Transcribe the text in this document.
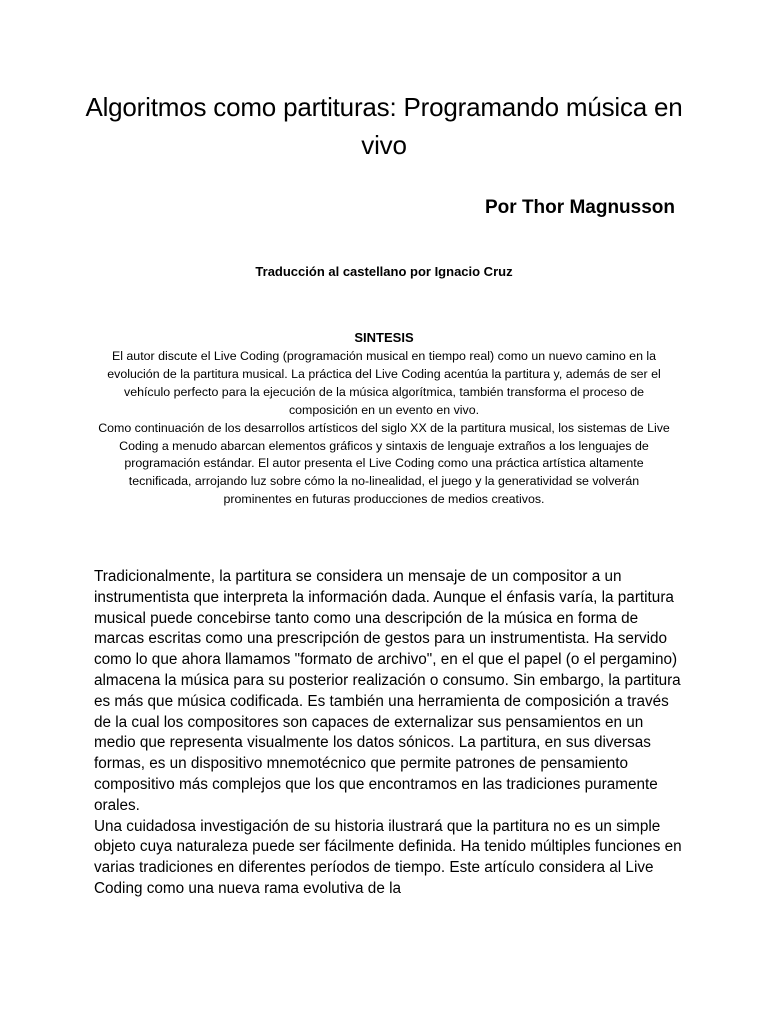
Algoritmos como partituras: Programando música en vivo

Por Thor Magnusson

Traducción al castellano por Ignacio Cruz

SINTESIS

El autor discute el Live Coding (programación musical en tiempo real) como un nuevo camino en la evolución de la partitura musical. La práctica del Live Coding acentúa la partitura y, además de ser el vehículo perfecto para la ejecución de la música algorítmica, también transforma el proceso de composición en un evento en vivo.

Como continuación de los desarrollos artísticos del siglo XX de la partitura musical, los sistemas de Live Coding a menudo abarcan elementos gráficos y sintaxis de lenguaje extraños a los lenguajes de programación estándar. El autor presenta el Live Coding como una práctica artística altamente tecnificada, arrojando luz sobre cómo la no-linealidad, el juego y la generatividad se volverán prominentes en futuras producciones de medios creativos.

Tradicionalmente, la partitura se considera un mensaje de un compositor a un instrumentista que interpreta la información dada. Aunque el énfasis varía, la partitura musical puede concebirse tanto como una descripción de la música en forma de marcas escritas como una prescripción de gestos para un instrumentista. Ha servido como lo que ahora llamamos "formato de archivo", en el que el papel (o el pergamino) almacena la música para su posterior realización o consumo. Sin embargo, la partitura es más que música codificada. Es también una herramienta de composición a través de la cual los compositores son capaces de externalizar sus pensamientos en un medio que representa visualmente los datos sónicos. La partitura, en sus diversas formas, es un dispositivo mnemotécnico que permite patrones de pensamiento compositivo más complejos que los que encontramos en las tradiciones puramente orales.

Una cuidadosa investigación de su historia ilustrará que la partitura no es un simple objeto cuya naturaleza puede ser fácilmente definida. Ha tenido múltiples funciones en varias tradiciones en diferentes períodos de tiempo. Este artículo considera al Live Coding como una nueva rama evolutiva de la
